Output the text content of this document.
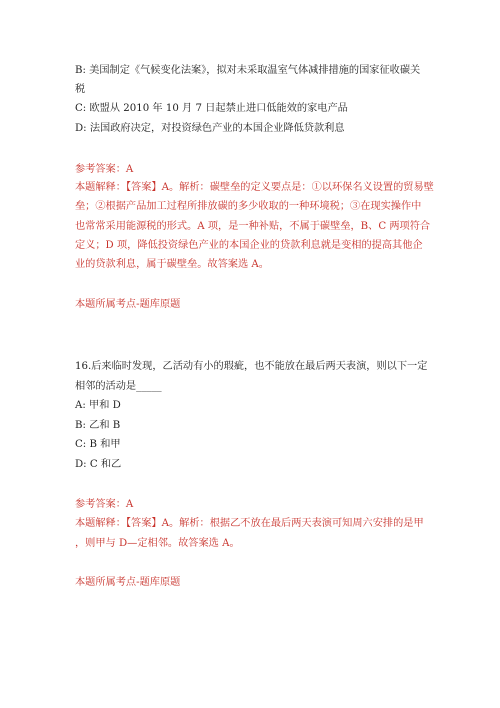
B: 美国制定《气候变化法案》，拟对未采取温室气体减排措施的国家征收碳关
税
C: 欧盟从 2010 年 10 月 7 日起禁止进口低能效的家电产品
D: 法国政府决定，对投资绿色产业的本国企业降低贷款利息
参考答案：A
本题解释：【答案】A。解析：碳壁垒的定义要点是：①以环保名义设置的贸易壁
垒；②根据产品加工过程所排放碳的多少收取的一种环境税；③在现实操作中
也常常采用能源税的形式。A 项，是一种补贴，不属于碳壁垒，B、C 两项符合
定义；D 项，降低投资绿色产业的本国企业的贷款利息就是变相的提高其他企
业的贷款利息，属于碳壁垒。故答案选 A。
本题所属考点-题库原题
16.后来临时发现，乙活动有小的瑕疵，也不能放在最后两天表演，则以下一定
相邻的活动是_____
A: 甲和 D
B: 乙和 B
C: B 和甲
D: C 和乙
参考答案：A
本题解释：【答案】A。解析：根据乙不放在最后两天表演可知周六安排的是甲
，则甲与 D—定相邻。故答案选 A。
本题所属考点-题库原题
